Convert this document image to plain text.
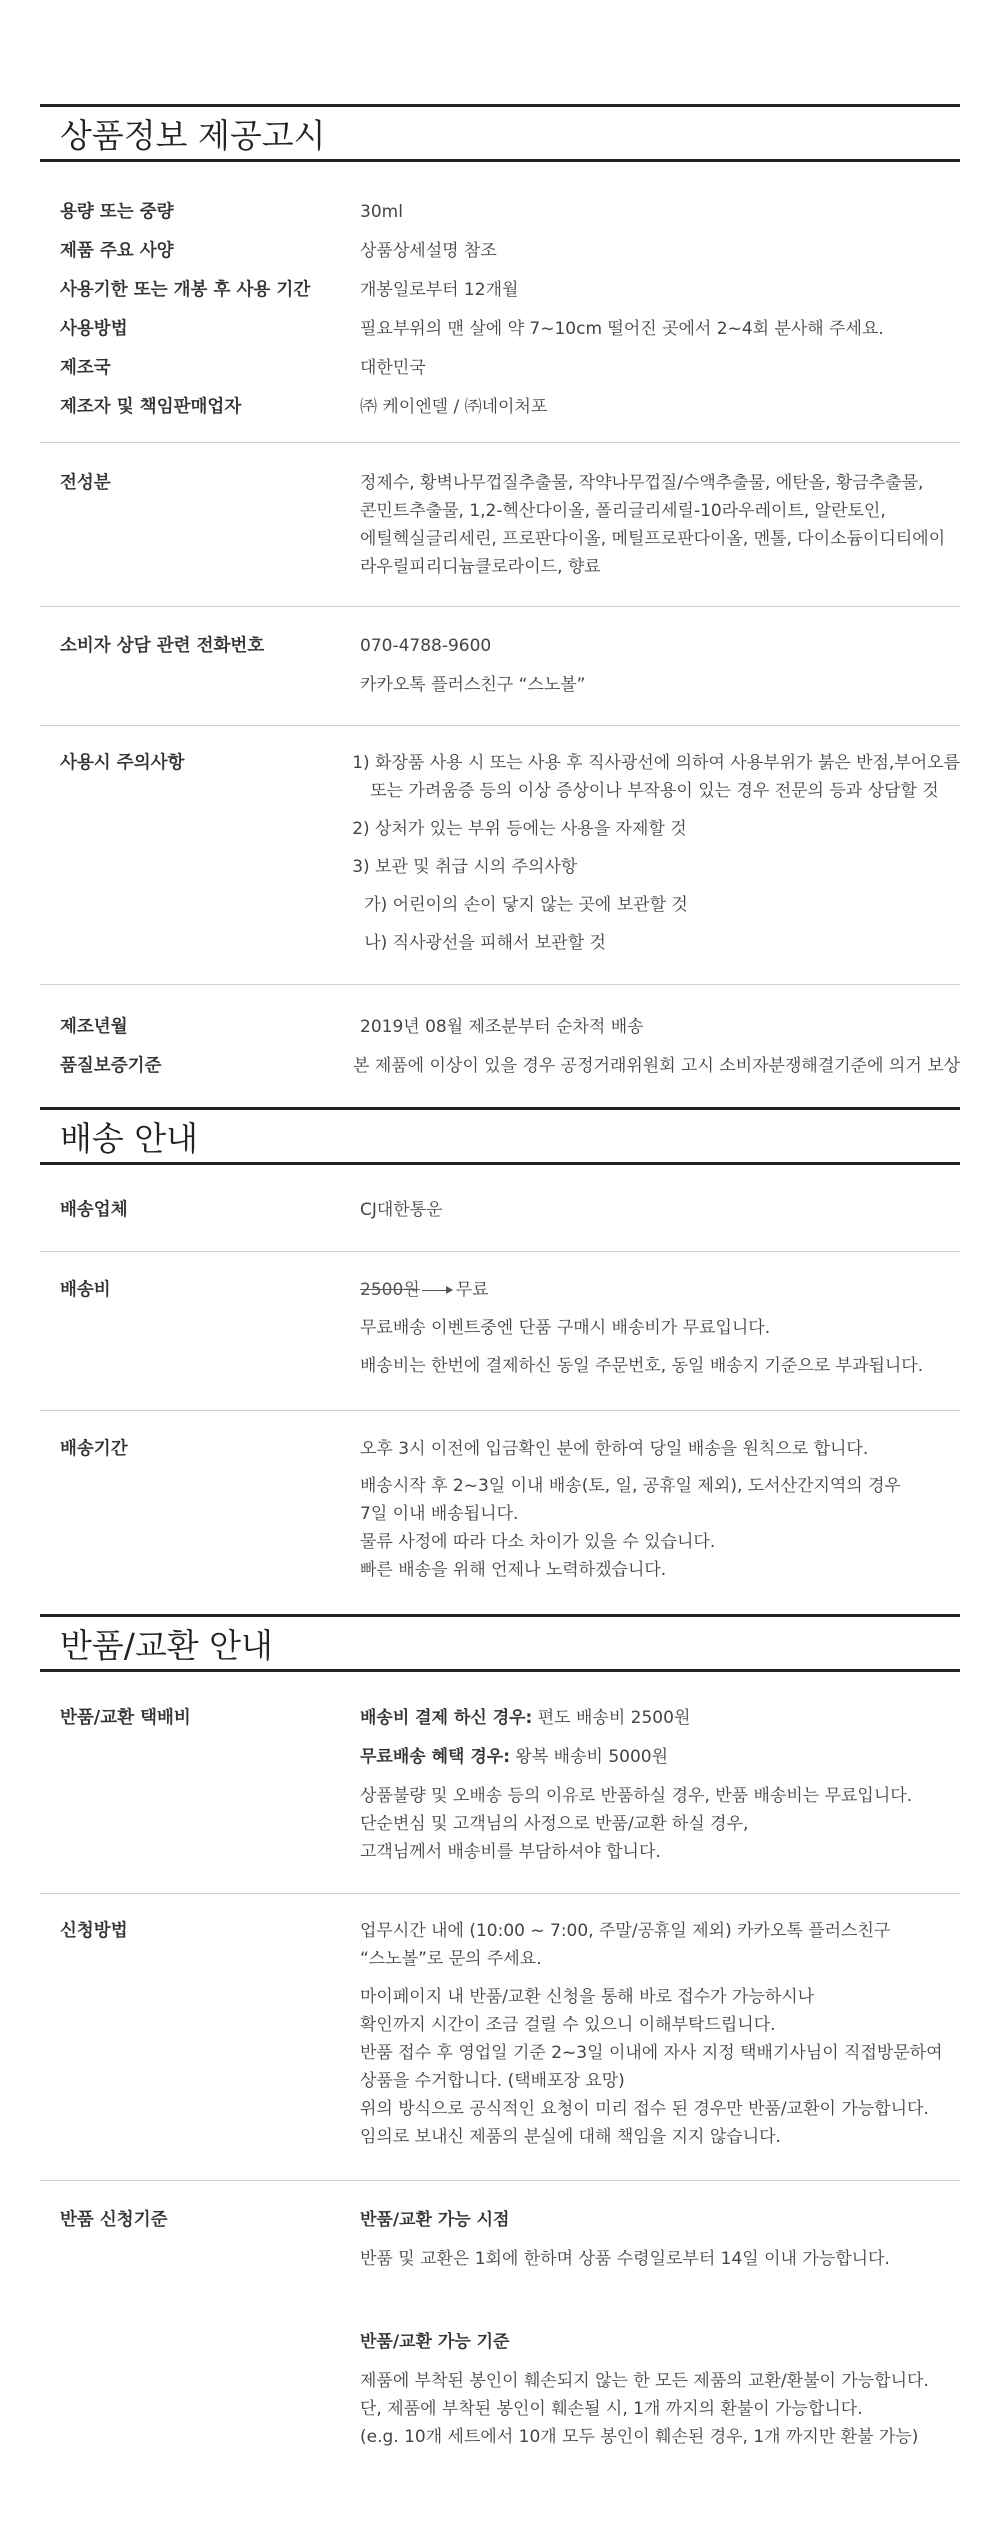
상품정보 제공고시
용량 또는 중량	30ml
제품 주요 사양	상품상세설명 참조
사용기한 또는 개봉 후 사용 기간	개봉일로부터 12개월
사용방법	필요부위의 맨 살에 약 7~10cm 떨어진 곳에서 2~4회 분사해 주세요.
제조국	대한민국
제조자 및 책임판매업자	㈜ 케이엔델 / ㈜네이처포
전성분	정제수, 황벽나무껍질추출물, 작약나무껍질/수액추출물, 에탄올, 황금추출물,
콘민트추출물, 1,2-헥산다이올, 폴리글리세릴-10라우레이트, 알란토인,
에틸헥실글리세린, 프로판다이올, 메틸프로판다이올, 멘톨, 다이소듐이디티에이
라우릴피리디늄클로라이드, 향료
소비자 상담 관련 전화번호	070-4788-9600
카카오톡 플러스친구 “스노볼”
사용시 주의사항	1) 화장품 사용 시 또는 사용 후 직사광선에 의하여 사용부위가 붉은 반점,부어오름
또는 가려움증 등의 이상 증상이나 부작용이 있는 경우 전문의 등과 상담할 것
2) 상처가 있는 부위 등에는 사용을 자제할 것
3) 보관 및 취급 시의 주의사항
가) 어린이의 손이 닿지 않는 곳에 보관할 것
나) 직사광선을 피해서 보관할 것
제조년월	2019년 08월 제조분부터 순차적 배송
품질보증기준	본 제품에 이상이 있을 경우 공정거래위원회 고시 소비자분쟁해결기준에 의거 보상
배송 안내
배송업체	CJ대한통운
배송비	2500원 무료
무료배송 이벤트중엔 단품 구매시 배송비가 무료입니다.
배송비는 한번에 결제하신 동일 주문번호, 동일 배송지 기준으로 부과됩니다.
배송기간	오후 3시 이전에 입금확인 분에 한하여 당일 배송을 원칙으로 합니다.
배송시작 후 2~3일 이내 배송(토, 일, 공휴일 제외), 도서산간지역의 경우
7일 이내 배송됩니다.
물류 사정에 따라 다소 차이가 있을 수 있습니다.
빠른 배송을 위해 언제나 노력하겠습니다.
반품/교환 안내
반품/교환 택배비	배송비 결제 하신 경우: 편도 배송비 2500원
무료배송 혜택 경우: 왕복 배송비 5000원
상품불량 및 오배송 등의 이유로 반품하실 경우, 반품 배송비는 무료입니다.
단순변심 및 고객님의 사정으로 반품/교환 하실 경우,
고객님께서 배송비를 부담하셔야 합니다.
신청방법	업무시간 내에 (10:00 ~ 7:00, 주말/공휴일 제외) 카카오톡 플러스친구
“스노볼”로 문의 주세요.
마이페이지 내 반품/교환 신청을 통해 바로 접수가 가능하시나
확인까지 시간이 조금 걸릴 수 있으니 이해부탁드립니다.
반품 접수 후 영업일 기준 2~3일 이내에 자사 지정 택배기사님이 직접방문하여
상품을 수거합니다. (택배포장 요망)
위의 방식으로 공식적인 요청이 미리 접수 된 경우만 반품/교환이 가능합니다.
임의로 보내신 제품의 분실에 대해 책임을 지지 않습니다.
반품 신청기준	반품/교환 가능 시점
반품 및 교환은 1회에 한하며 상품 수령일로부터 14일 이내 가능합니다.
반품/교환 가능 기준
제품에 부착된 봉인이 훼손되지 않는 한 모든 제품의 교환/환불이 가능합니다.
단, 제품에 부착된 봉인이 훼손될 시, 1개 까지의 환불이 가능합니다.
(e.g. 10개 세트에서 10개 모두 봉인이 훼손된 경우, 1개 까지만 환불 가능)
